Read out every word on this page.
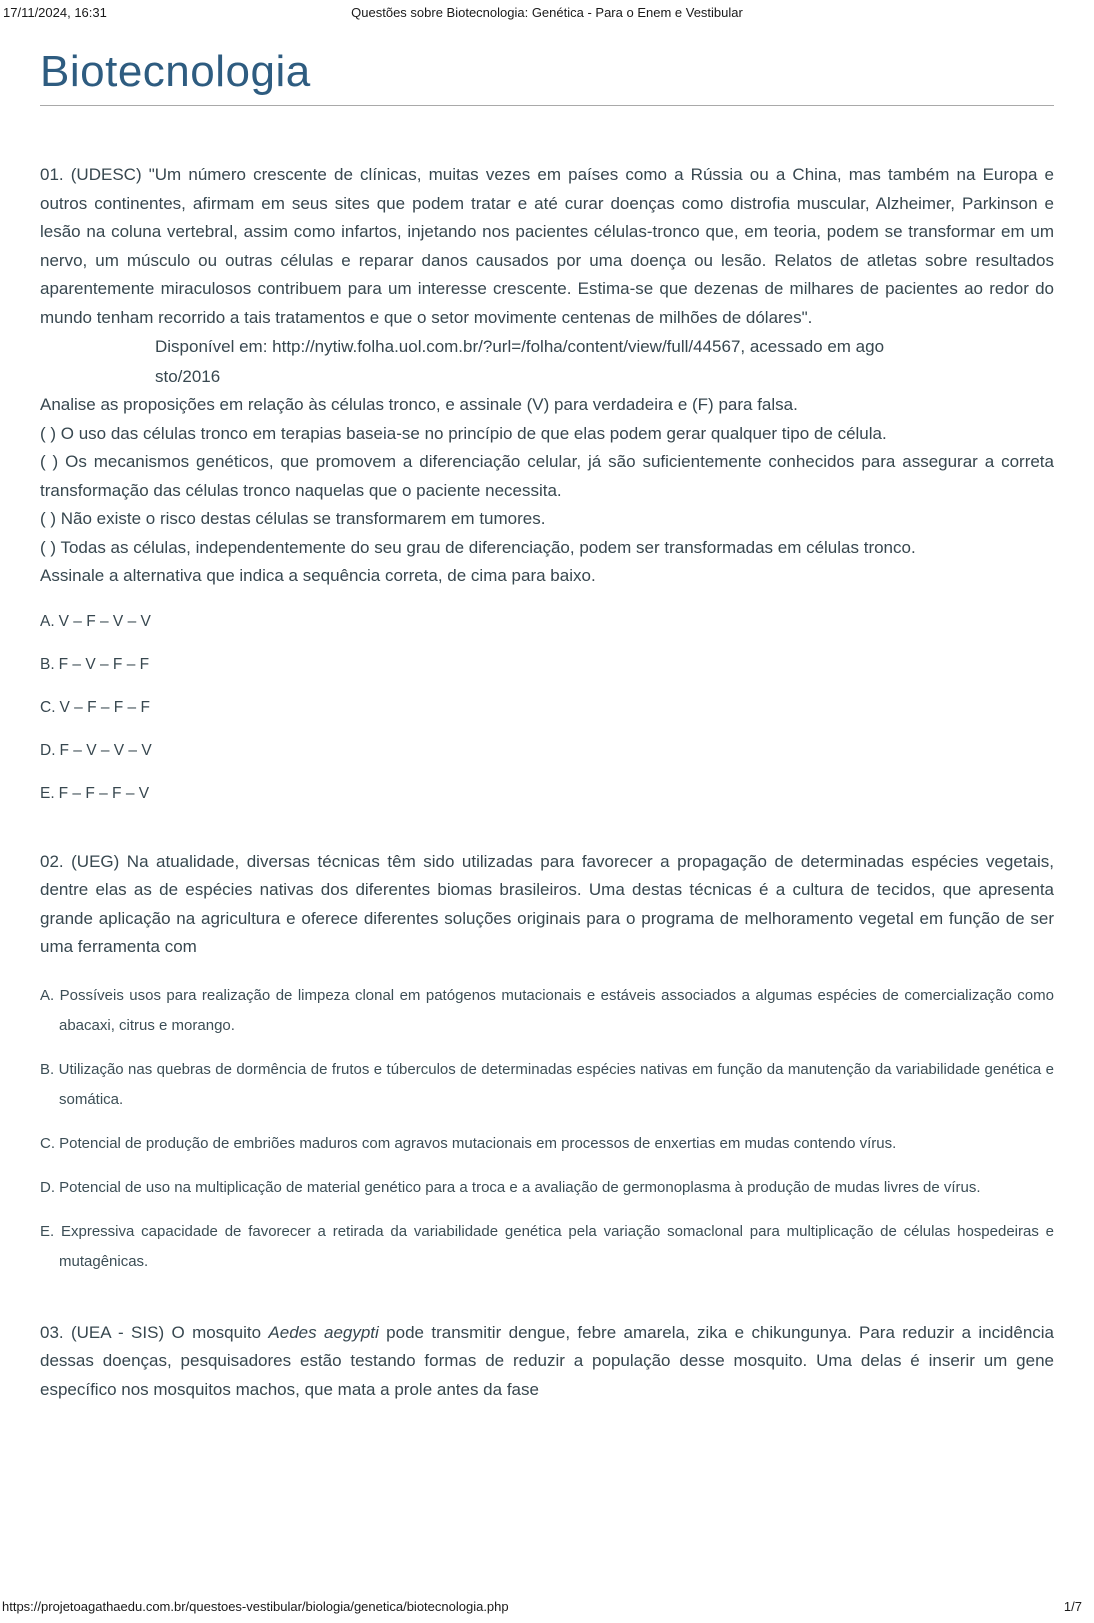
17/11/2024, 16:31	Questões sobre Biotecnologia: Genética - Para o Enem e Vestibular
Biotecnologia

01. (UDESC) "Um número crescente de clínicas, muitas vezes em países como a Rússia ou a China, mas também na Europa e outros continentes, afirmam em seus sites que podem tratar e até curar doenças como distrofia muscular, Alzheimer, Parkinson e lesão na coluna vertebral, assim como infartos, injetando nos pacientes células-tronco que, em teoria, podem se transformar em um nervo, um músculo ou outras células e reparar danos causados por uma doença ou lesão. Relatos de atletas sobre resultados aparentemente miraculosos contribuem para um interesse crescente. Estima-se que dezenas de milhares de pacientes ao redor do mundo tenham recorrido a tais tratamentos e que o setor movimente centenas de milhões de dólares".

Disponível em: http://nytiw.folha.uol.com.br/?url=/folha/content/view/full/44567, acessado em ago
sto/2016

Analise as proposições em relação às células tronco, e assinale (V) para verdadeira e (F) para falsa.

( ) O uso das células tronco em terapias baseia-se no princípio de que elas podem gerar qualquer tipo de célula.

( ) Os mecanismos genéticos, que promovem a diferenciação celular, já são suficientemente conhecidos para assegurar a correta transformação das células tronco naquelas que o paciente necessita.

( ) Não existe o risco destas células se transformarem em tumores.

( ) Todas as células, independentemente do seu grau de diferenciação, podem ser transformadas em células tronco.

Assinale a alternativa que indica a sequência correta, de cima para baixo.

A. V – F – V – V
B. F – V – F – F
C. V – F – F – F
D. F – V – V – V
E. F – F – F – V

02. (UEG) Na atualidade, diversas técnicas têm sido utilizadas para favorecer a propagação de determinadas espécies vegetais, dentre elas as de espécies nativas dos diferentes biomas brasileiros. Uma destas técnicas é a cultura de tecidos, que apresenta grande aplicação na agricultura e oferece diferentes soluções originais para o programa de melhoramento vegetal em função de ser uma ferramenta com

A. Possíveis usos para realização de limpeza clonal em patógenos mutacionais e estáveis associados a algumas espécies de comercialização como abacaxi, citrus e morango.
B. Utilização nas quebras de dormência de frutos e túberculos de determinadas espécies nativas em função da manutenção da variabilidade genética e somática.
C. Potencial de produção de embriões maduros com agravos mutacionais em processos de enxertias em mudas contendo vírus.
D. Potencial de uso na multiplicação de material genético para a troca e a avaliação de germonoplasma à produção de mudas livres de vírus.
E. Expressiva capacidade de favorecer a retirada da variabilidade genética pela variação somaclonal para multiplicação de células hospedeiras e mutagênicas.

03. (UEA - SIS) O mosquito Aedes aegypti pode transmitir dengue, febre amarela, zika e chikungunya. Para reduzir a incidência dessas doenças, pesquisadores estão testando formas de reduzir a população desse mosquito. Uma delas é inserir um gene específico nos mosquitos machos, que mata a prole antes da fase

https://projetoagathaedu.com.br/questoes-vestibular/biologia/genetica/biotecnologia.php	1/7
